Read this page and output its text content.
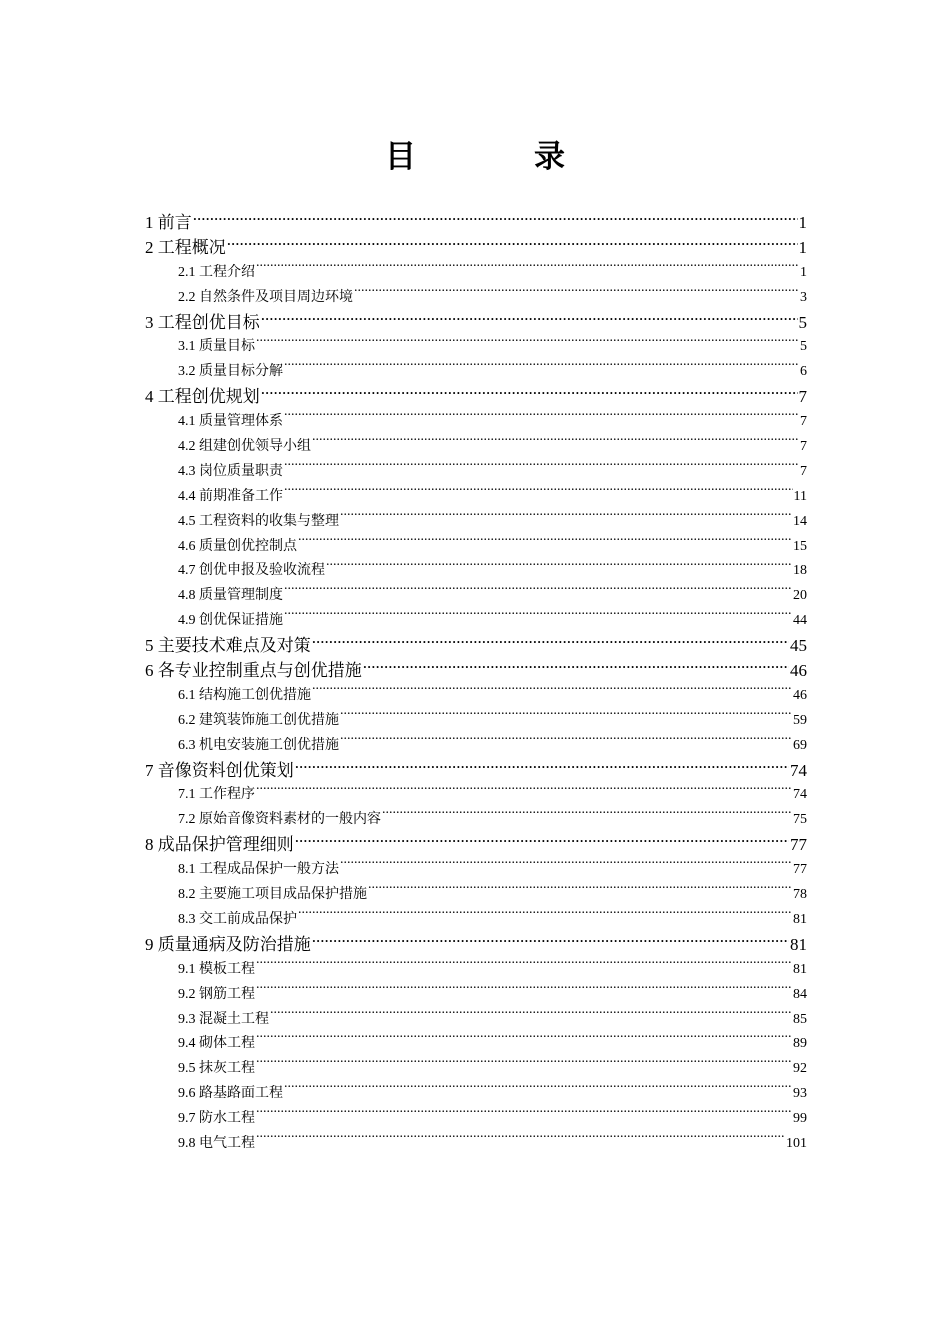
目	录
1 前言 .....	1
2 工程概况 .....	1
2.1 工程介绍 .....	1
2.2 自然条件及项目周边环境 .....	3
3 工程创优目标 .....	5
3.1 质量目标 .....	5
3.2 质量目标分解 .....	6
4 工程创优规划 .....	7
4.1 质量管理体系 .....	7
4.2 组建创优领导小组 .....	7
4.3 岗位质量职责 .....	7
4.4 前期准备工作 .....	11
4.5 工程资料的收集与整理 .....	14
4.6 质量创优控制点 .....	15
4.7 创优申报及验收流程 .....	18
4.8 质量管理制度 .....	20
4.9 创优保证措施 .....	44
5 主要技术难点及对策 .....	45
6 各专业控制重点与创优措施 .....	46
6.1 结构施工创优措施 .....	46
6.2 建筑装饰施工创优措施 .....	59
6.3 机电安装施工创优措施 .....	69
7 音像资料创优策划 .....	74
7.1 工作程序 .....	74
7.2 原始音像资料素材的一般内容 .....	75
8 成品保护管理细则 .....	77
8.1 工程成品保护一般方法 .....	77
8.2 主要施工项目成品保护措施 .....	78
8.3 交工前成品保护 .....	81
9 质量通病及防治措施 .....	81
9.1 模板工程 .....	81
9.2 钢筋工程 .....	84
9.3 混凝土工程 .....	85
9.4 砌体工程 .....	89
9.5 抹灰工程 .....	92
9.6 路基路面工程 .....	93
9.7 防水工程 .....	99
9.8 电气工程 .....	101
